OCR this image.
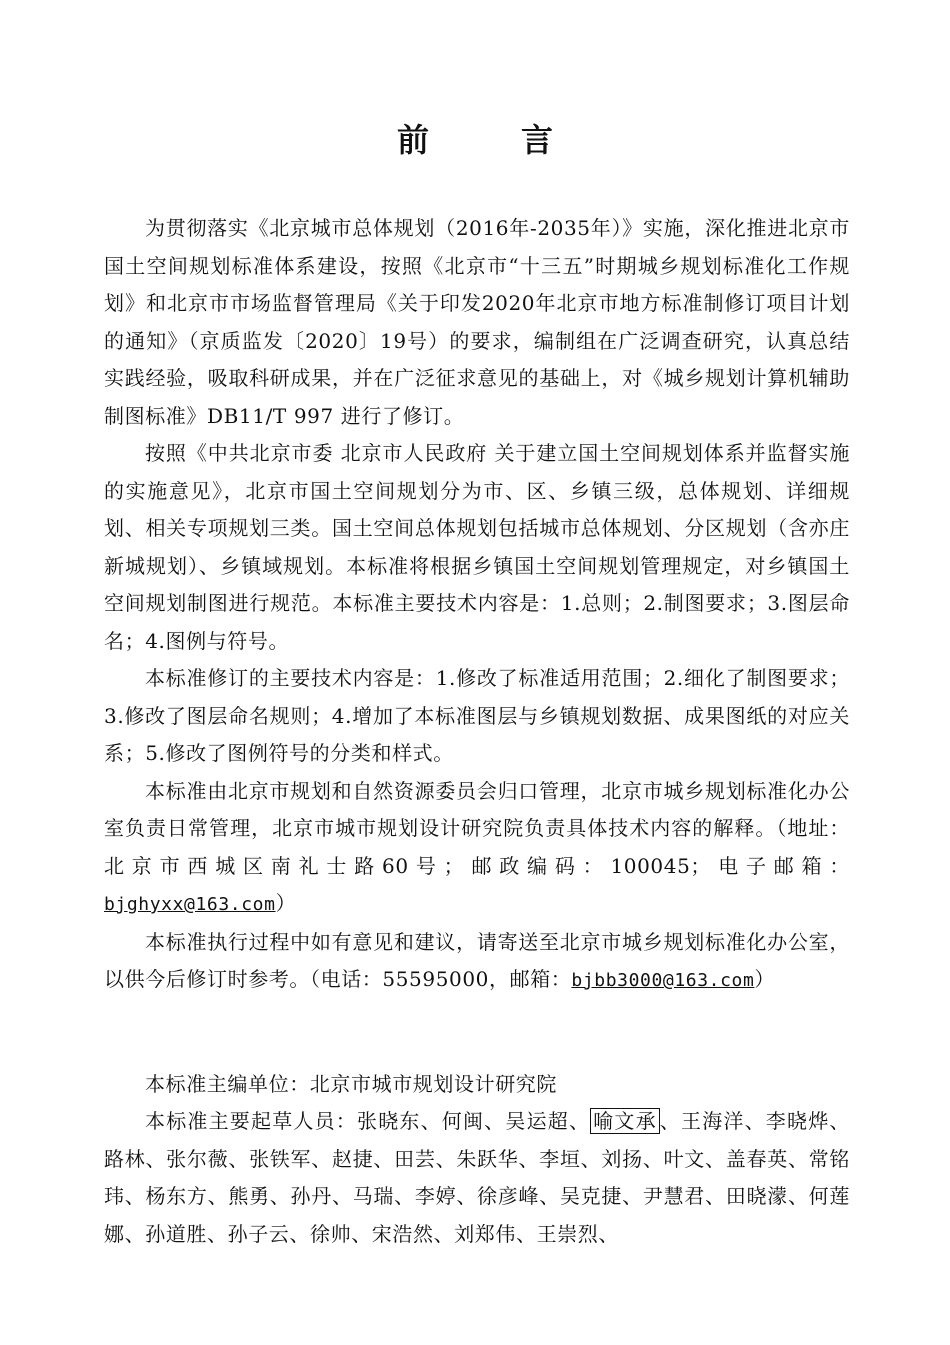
前　言

为贯彻落实《北京城市总体规划（2016年-2035年）》实施，深化推进北京市国土空间规划标准体系建设，按照《北京市“十三五”时期城乡规划标准化工作规划》和北京市市场监督管理局《关于印发2020年北京市地方标准制修订项目计划的通知》（京质监发〔2020〕19号）的要求，编制组在广泛调查研究，认真总结实践经验，吸取科研成果，并在广泛征求意见的基础上，对《城乡规划计算机辅助制图标准》DB11/T 997 进行了修订。

按照《中共北京市委 北京市人民政府 关于建立国土空间规划体系并监督实施的实施意见》，北京市国土空间规划分为市、区、乡镇三级，总体规划、详细规划、相关专项规划三类。国土空间总体规划包括城市总体规划、分区规划（含亦庄新城规划）、乡镇域规划。本标准将根据乡镇国土空间规划管理规定，对乡镇国土空间规划制图进行规范。本标准主要技术内容是：1.总则；2.制图要求；3.图层命名；4.图例与符号。

本标准修订的主要技术内容是：1.修改了标准适用范围；2.细化了制图要求；3.修改了图层命名规则；4.增加了本标准图层与乡镇规划数据、成果图纸的对应关系；5.修改了图例符号的分类和样式。

本标准由北京市规划和自然资源委员会归口管理，北京市城乡规划标准化办公室负责日常管理，北京市城市规划设计研究院负责具体技术内容的解释。（地址：北京市西城区南礼士路60号；邮政编码：100045；电子邮箱：bjghyxx@163.com）

本标准执行过程中如有意见和建议，请寄送至北京市城乡规划标准化办公室，以供今后修订时参考。（电话：55595000，邮箱：bjbb3000@163.com）

本标准主编单位：北京市城市规划设计研究院

本标准主要起草人员：张晓东、何闽、吴运超、 喻文承 、王海洋、李晓烨、路林、张尔薇、张铁军、赵捷、田芸、朱跃华、李垣、刘扬、叶文、盖春英、常铭玮、杨东方、熊勇、孙丹、马瑞、李婷、徐彦峰、吴克捷、尹慧君、田晓濛、何莲娜、孙道胜、孙子云、徐帅、宋浩然、刘郑伟、王崇烈、
